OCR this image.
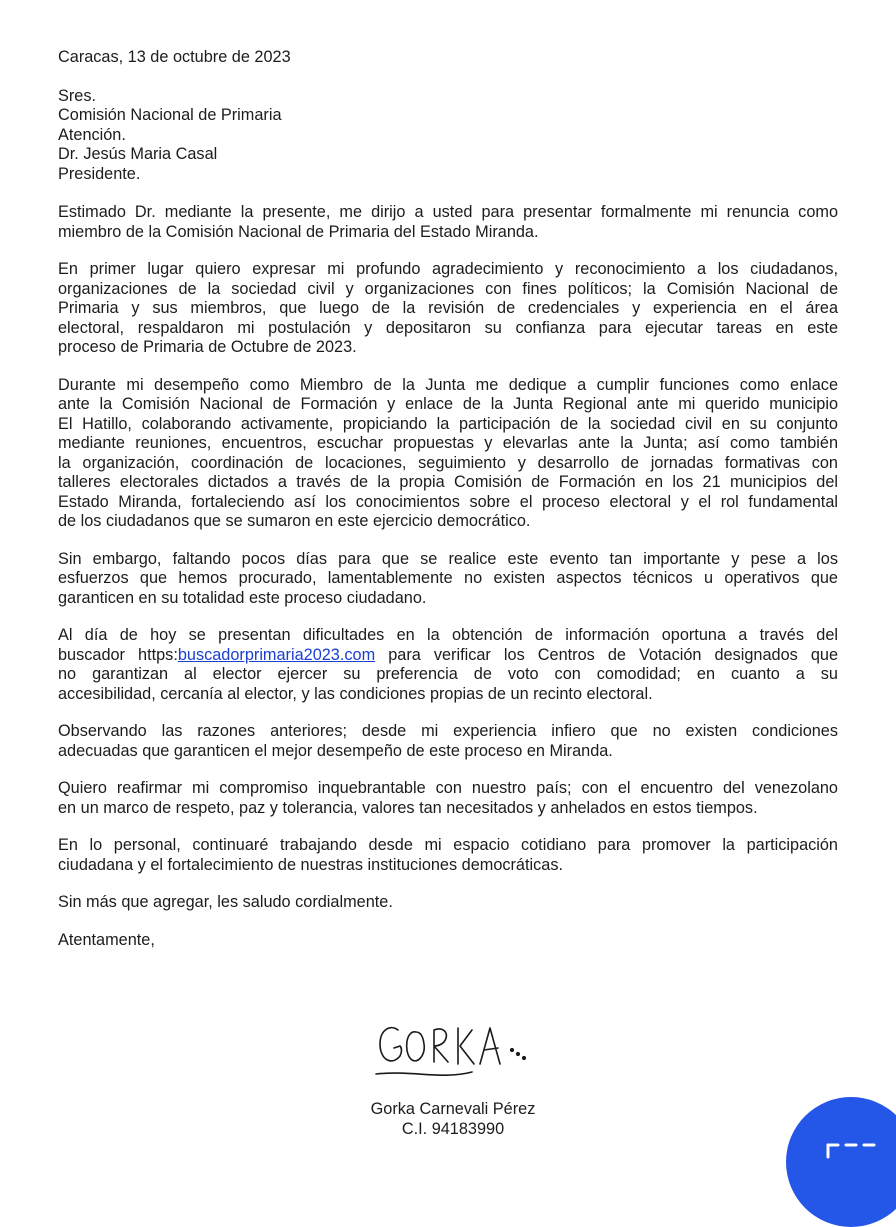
Caracas, 13 de octubre de 2023

Sres.

Comisión Nacional de Primaria

Atención.

Dr. Jesús Maria Casal

Presidente.

Estimado Dr. mediante la presente, me dirijo a usted para presentar formalmente mi renuncia como
miembro de la Comisión Nacional de Primaria del Estado Miranda.
En primer lugar quiero expresar mi profundo agradecimiento y reconocimiento a los ciudadanos,
organizaciones de la sociedad civil y organizaciones con fines políticos; la Comisión Nacional de
Primaria y sus miembros, que luego de la revisión de credenciales y experiencia en el área
electoral, respaldaron mi postulación y depositaron su confianza para ejecutar tareas en este
proceso de Primaria de Octubre de 2023.
Durante mi desempeño como Miembro de la Junta me dedique a cumplir funciones como enlace
ante la Comisión Nacional de Formación y enlace de la Junta Regional ante mi querido municipio
El Hatillo, colaborando activamente, propiciando la participación de la sociedad civil en su conjunto
mediante reuniones, encuentros, escuchar propuestas y elevarlas ante la Junta; así como también
la organización, coordinación de locaciones, seguimiento y desarrollo de jornadas formativas con
talleres electorales dictados a través de la propia Comisión de Formación en los 21 municipios del
Estado Miranda, fortaleciendo así los conocimientos sobre el proceso electoral y el rol fundamental
de los ciudadanos que se sumaron en este ejercicio democrático.
Sin embargo, faltando pocos días para que se realice este evento tan importante y pese a los
esfuerzos que hemos procurado, lamentablemente no existen aspectos técnicos u operativos que
garanticen en su totalidad este proceso ciudadano.
Al día de hoy se presentan dificultades en la obtención de información oportuna a través del
buscador https:buscadorprimaria2023.com para verificar los Centros de Votación designados que
no garantizan al elector ejercer su preferencia de voto con comodidad; en cuanto a su
accesibilidad, cercanía al elector, y las condiciones propias de un recinto electoral.
Observando las razones anteriores; desde mi experiencia infiero que no existen condiciones
adecuadas que garanticen el mejor desempeño de este proceso en Miranda.
Quiero reafirmar mi compromiso inquebrantable con nuestro país; con el encuentro del venezolano
en un marco de respeto, paz y tolerancia, valores tan necesitados y anhelados en estos tiempos.
En lo personal, continuaré trabajando desde mi espacio cotidiano para promover la participación
ciudadana y el fortalecimiento de nuestras instituciones democráticas.
Sin más que agregar, les saludo cordialmente.

Atentamente,

Gorka Carnevali Pérez

C.I. 94183990
